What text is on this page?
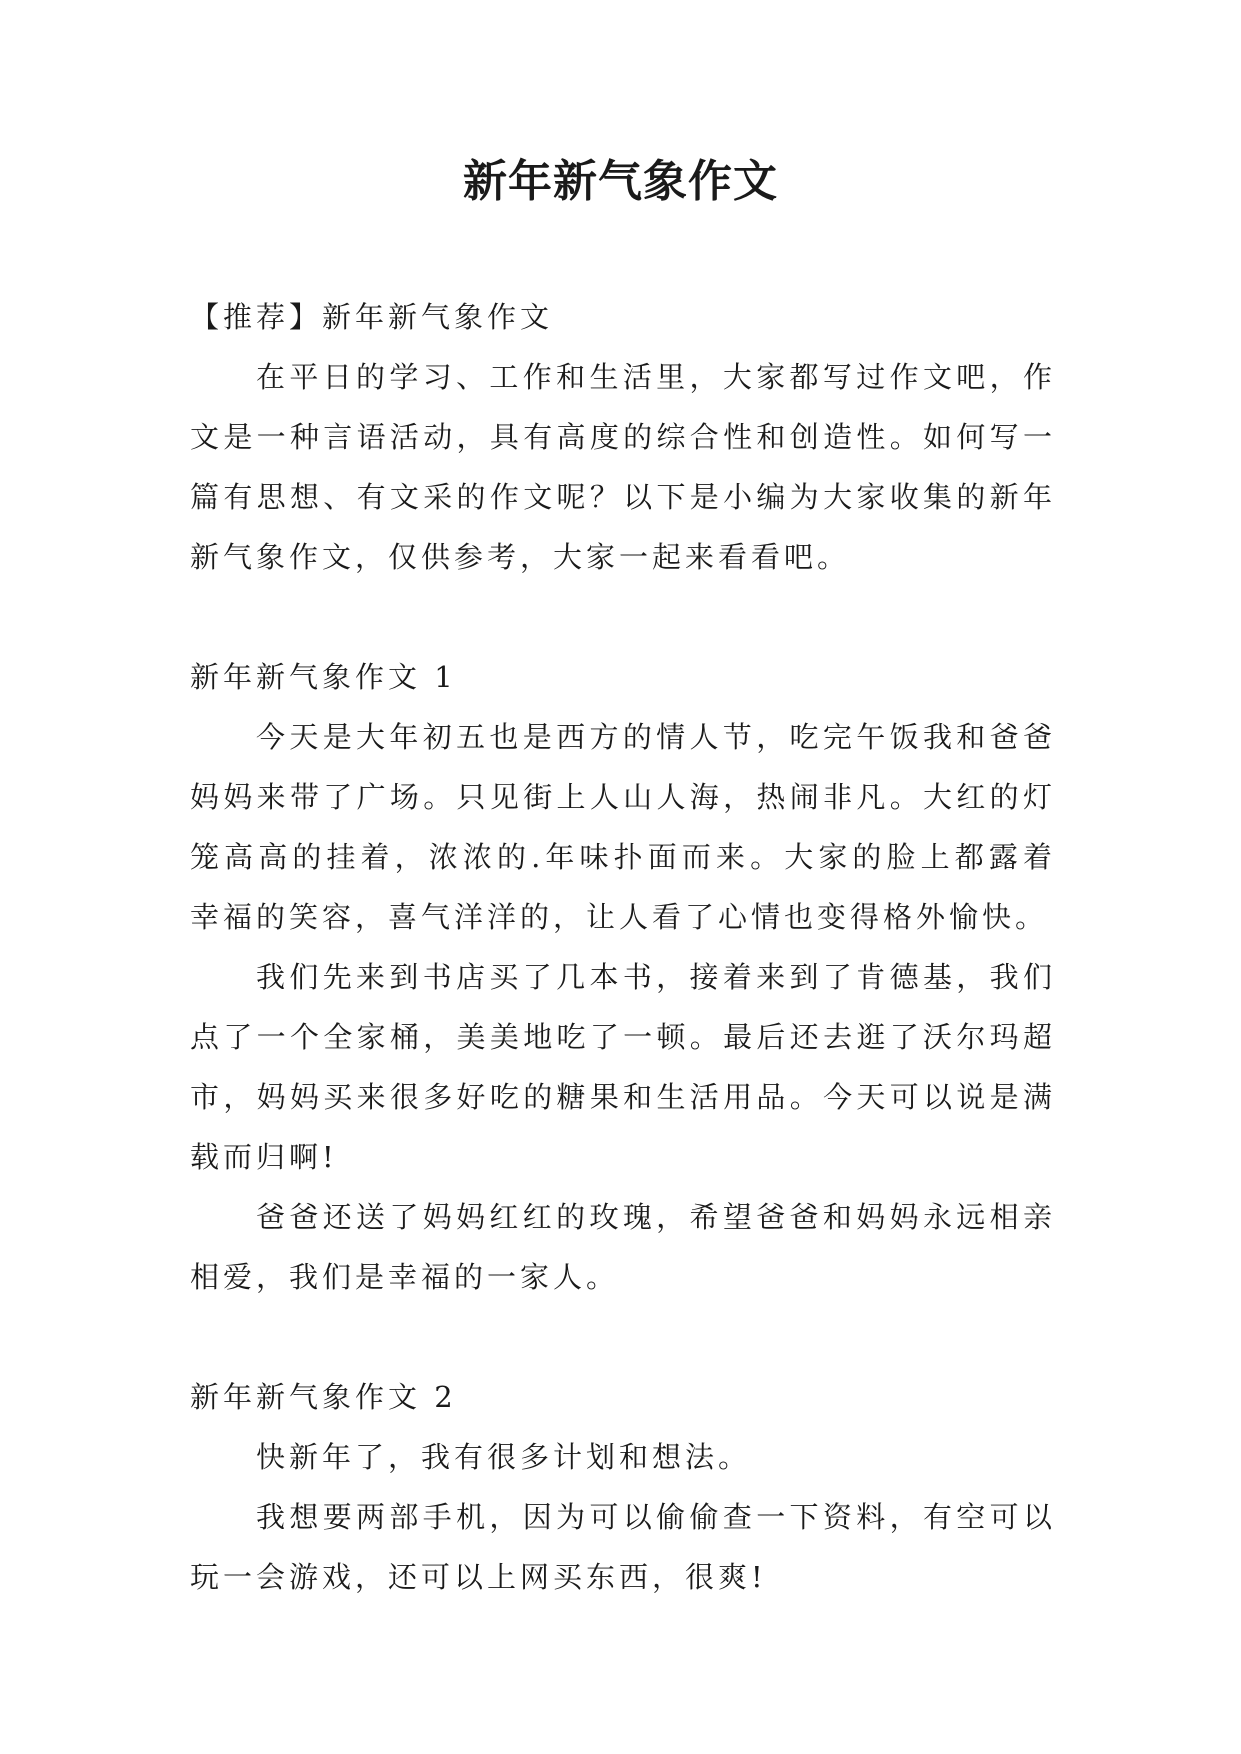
新年新气象作文

【推荐】新年新气象作文

在平日的学习、工作和生活里，大家都写过作文吧，作文是一种言语活动，具有高度的综合性和创造性。如何写一篇有思想、有文采的作文呢？以下是小编为大家收集的新年新气象作文，仅供参考，大家一起来看看吧。

新年新气象作文 1

今天是大年初五也是西方的情人节，吃完午饭我和爸爸妈妈来带了广场。只见街上人山人海，热闹非凡。大红的灯笼高高的挂着，浓浓的.年味扑面而来。大家的脸上都露着幸福的笑容，喜气洋洋的，让人看了心情也变得格外愉快。

我们先来到书店买了几本书，接着来到了肯德基，我们点了一个全家桶，美美地吃了一顿。最后还去逛了沃尔玛超市，妈妈买来很多好吃的糖果和生活用品。今天可以说是满载而归啊!

爸爸还送了妈妈红红的玫瑰，希望爸爸和妈妈永远相亲相爱，我们是幸福的一家人。

新年新气象作文 2

快新年了，我有很多计划和想法。

我想要两部手机，因为可以偷偷查一下资料，有空可以玩一会游戏，还可以上网买东西，很爽!
